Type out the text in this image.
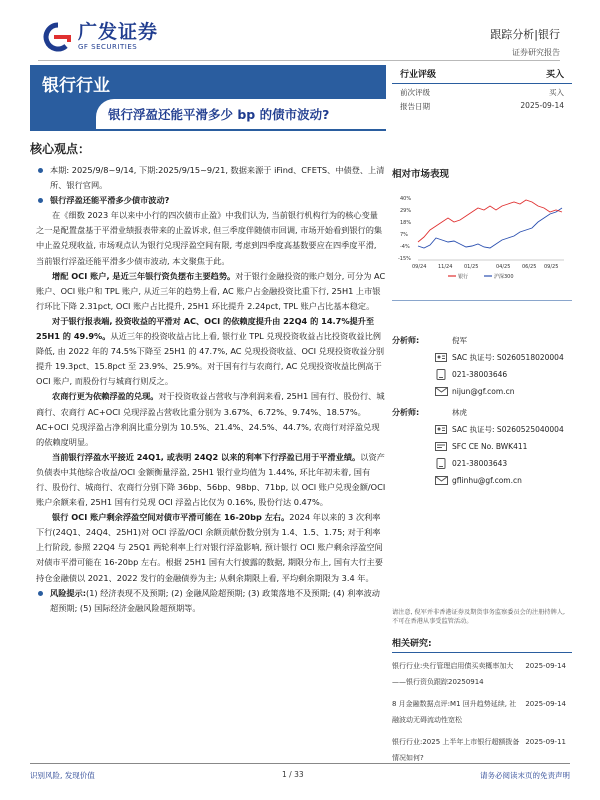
广发证券
GF SECURITIES
跟踪分析|银行
证券研究报告
银行行业
银行浮盈还能平滑多少 bp 的债市波动?
行业评级	买入
前次评级	买入
报告日期	2025-09-14
核心观点：

本期: 2025/9/8~9/14, 下期:2025/9/15~9/21, 数据来源于 iFind、CFETS、中债登、上清所、银行官网。

银行浮盈还能平滑多少债市波动?

在《细数 2023 年以来中小行的四次债市止盈》中我们认为, 当前银行机构行为的核心变量之一是配置盘基于平滑业绩报表带来的止盈诉求, 但三季度伴随债市回调, 市场开始看到银行的集中止盈兑现收益, 市场观点认为银行兑现浮盈空间有限, 考虑到四季度高基数要应在四季度平滑, 当前银行浮盈还能平滑多少债市波动, 本文聚焦于此。

增配 OCI 账户, 是近三年银行资负摆布主要趋势。对于银行金融投资的账户划分, 可分为 AC 账户、OCI 账户和 TPL 账户, 从近三年的趋势上看, AC 账户占金融投资比重下行, 25H1 上市银行环比下降 2.31pct, OCI 账户占比提升, 25H1 环比提升 2.24pct, TPL 账户占比基本稳定。

对于银行报表端, 投资收益的平滑对 AC、OCI 的依赖度提升由 22Q4 的 14.7%提升至 25H1 的 49.9%。从近三年的投资收益占比上看, 银行业 TPL 兑现投资收益占比投资收益比例降低, 由 2022 年的 74.5%下降至 25H1 的 47.7%, AC 兑现投资收益、OCI 兑现投资收益分别提升 19.3pct、15.8pct 至 23.9%、25.9%。对于国有行与农商行, AC 兑现投资收益比例高于 OCI 账户, 而股份行与城商行则反之。

农商行更为依赖浮盈的兑现。对于投资收益占营收与净利润来看, 25H1 国有行、股份行、城商行、农商行 AC+OCI 兑现浮盈占营收比重分别为 3.67%、6.72%、9.74%、18.57%。AC+OCI 兑现浮盈占净利润比重分别为 10.5%、21.4%、24.5%、44.7%, 农商行对浮盈兑现的依赖度明显。

当前银行浮盈水平接近 24Q1, 或表明 24Q2 以来的利率下行浮盈已用于平滑业绩。以资产负债表中其他综合收益/OCI 金额衡量浮盈, 25H1 银行业均值为 1.44%, 环比年初未着, 国有行、股份行、城商行、农商行分别下降 36bp、56bp、98bp、71bp, 以 OCI 账户兑现金额/OCI 账户余额来看, 25H1 国有行兑现 OCI 浮盈占比仅为 0.16%, 股份行达 0.47%。

银行 OCI 账户剩余浮盈空间对债市平滑可能在 16-20bp 左右。2024 年以来的 3 次利率下行(24Q1、24Q4、25H1)对 OCI 浮盈/OCI 余额贡献份数分别为 1.4、1.5、1.75; 对于利率上行阶段, 参照 22Q4 与 25Q1 两轮利率上行对银行浮盈影响, 预计银行 OCI 账户剩余浮盈空间对债市平滑可能在 16-20bp 左右。根据 25H1 国有大行披露的数据, 期限分布上, 国有大行主要持仓金融债以 2021、2022 发行的金融债券为主; 从剩余期限上看, 平均剩余期限为 3.4 年。

风险提示:(1) 经济表现不及预期; (2) 金融风险超预期; (3) 政策落地不及预期; (4) 利率波动超预期; (5) 国际经济金融风险超预期等。

相对市场表现
40%
29%
18%
7%
-4%
-15%
09/24 11/24 01/25	04/25 06/25 09/25
银行	沪深300
分析师:	倪军
SAC 执证号: S0260518020004
021-38003646
nijun@gf.com.cn
分析师:	林虎
SAC 执证号: S0260525040004
SFC CE No. BWK411
021-38003643
gflinhu@gf.com.cn
请注意, 倪军并非香港证券及期货事务监察委员会的注册持牌人, 不可在香港从事受监管活动。
相关研究:
银行行业:央行管理启用债买卖概率加大——银行资负跟踪20250914
2025-09-14
8 月金融数据点评:M1 回升趋势延续, 社融波动无碍流动性宽松
2025-09-14
银行行业:2025 上半年上市银行超额拨备情况如何?
2025-09-11
识别风险, 发现价值	1 / 33	请务必阅读末页的免责声明
